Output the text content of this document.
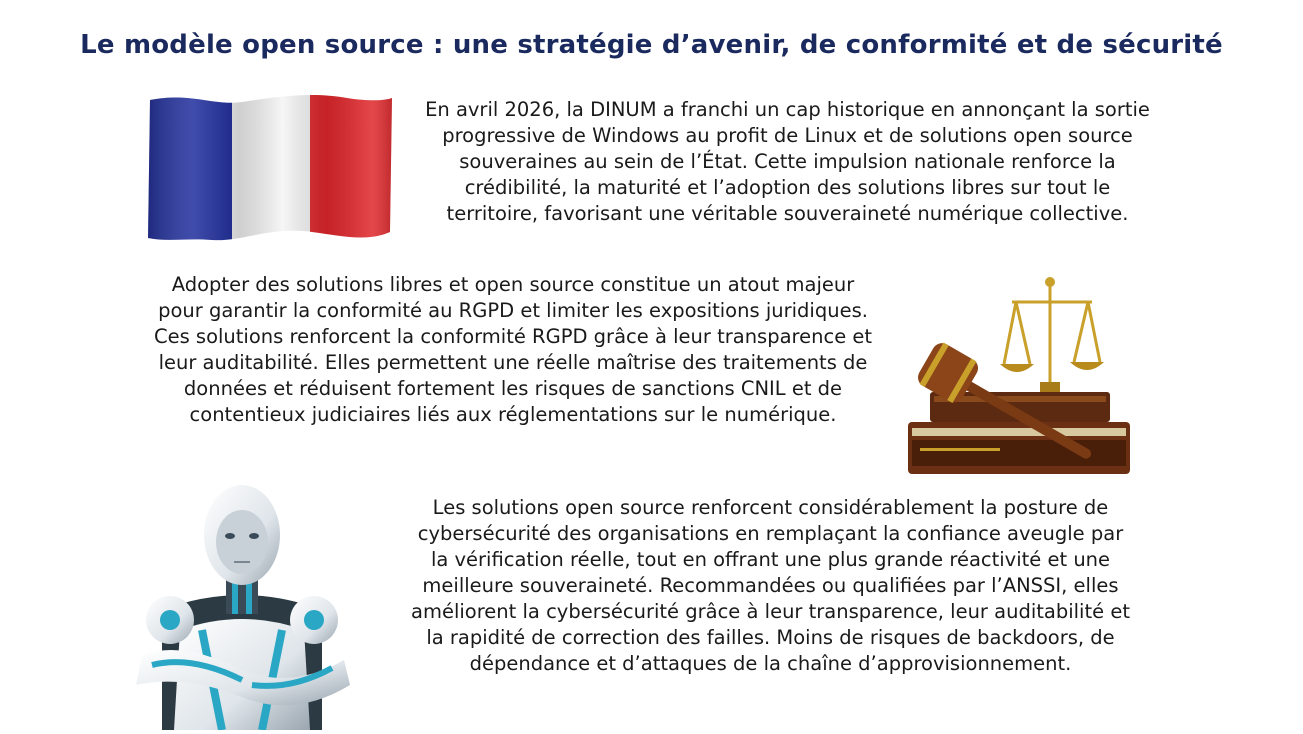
Le modèle open source : une stratégie d’avenir, de conformité et de sécurité
En avril 2026, la DINUM a franchi un cap historique en annonçant la sortie progressive de Windows au profit de Linux et de solutions open source souveraines au sein de l’État. Cette impulsion nationale renforce la crédibilité, la maturité et l’adoption des solutions libres sur tout le territoire, favorisant une véritable souveraineté numérique collective.
Adopter des solutions libres et open source constitue un atout majeur pour garantir la conformité au RGPD et limiter les expositions juridiques. Ces solutions renforcent la conformité RGPD grâce à leur transparence et leur auditabilité. Elles permettent une réelle maîtrise des traitements de données et réduisent fortement les risques de sanctions CNIL et de contentieux judiciaires liés aux réglementations sur le numérique.
Les solutions open source renforcent considérablement la posture de cybersécurité des organisations en remplaçant la confiance aveugle par la vérification réelle, tout en offrant une plus grande réactivité et une meilleure souveraineté. Recommandées ou qualifiées par l’ANSSI, elles améliorent la cybersécurité grâce à leur transparence, leur auditabilité et la rapidité de correction des failles. Moins de risques de backdoors, de dépendance et d’attaques de la chaîne d’approvisionnement.
